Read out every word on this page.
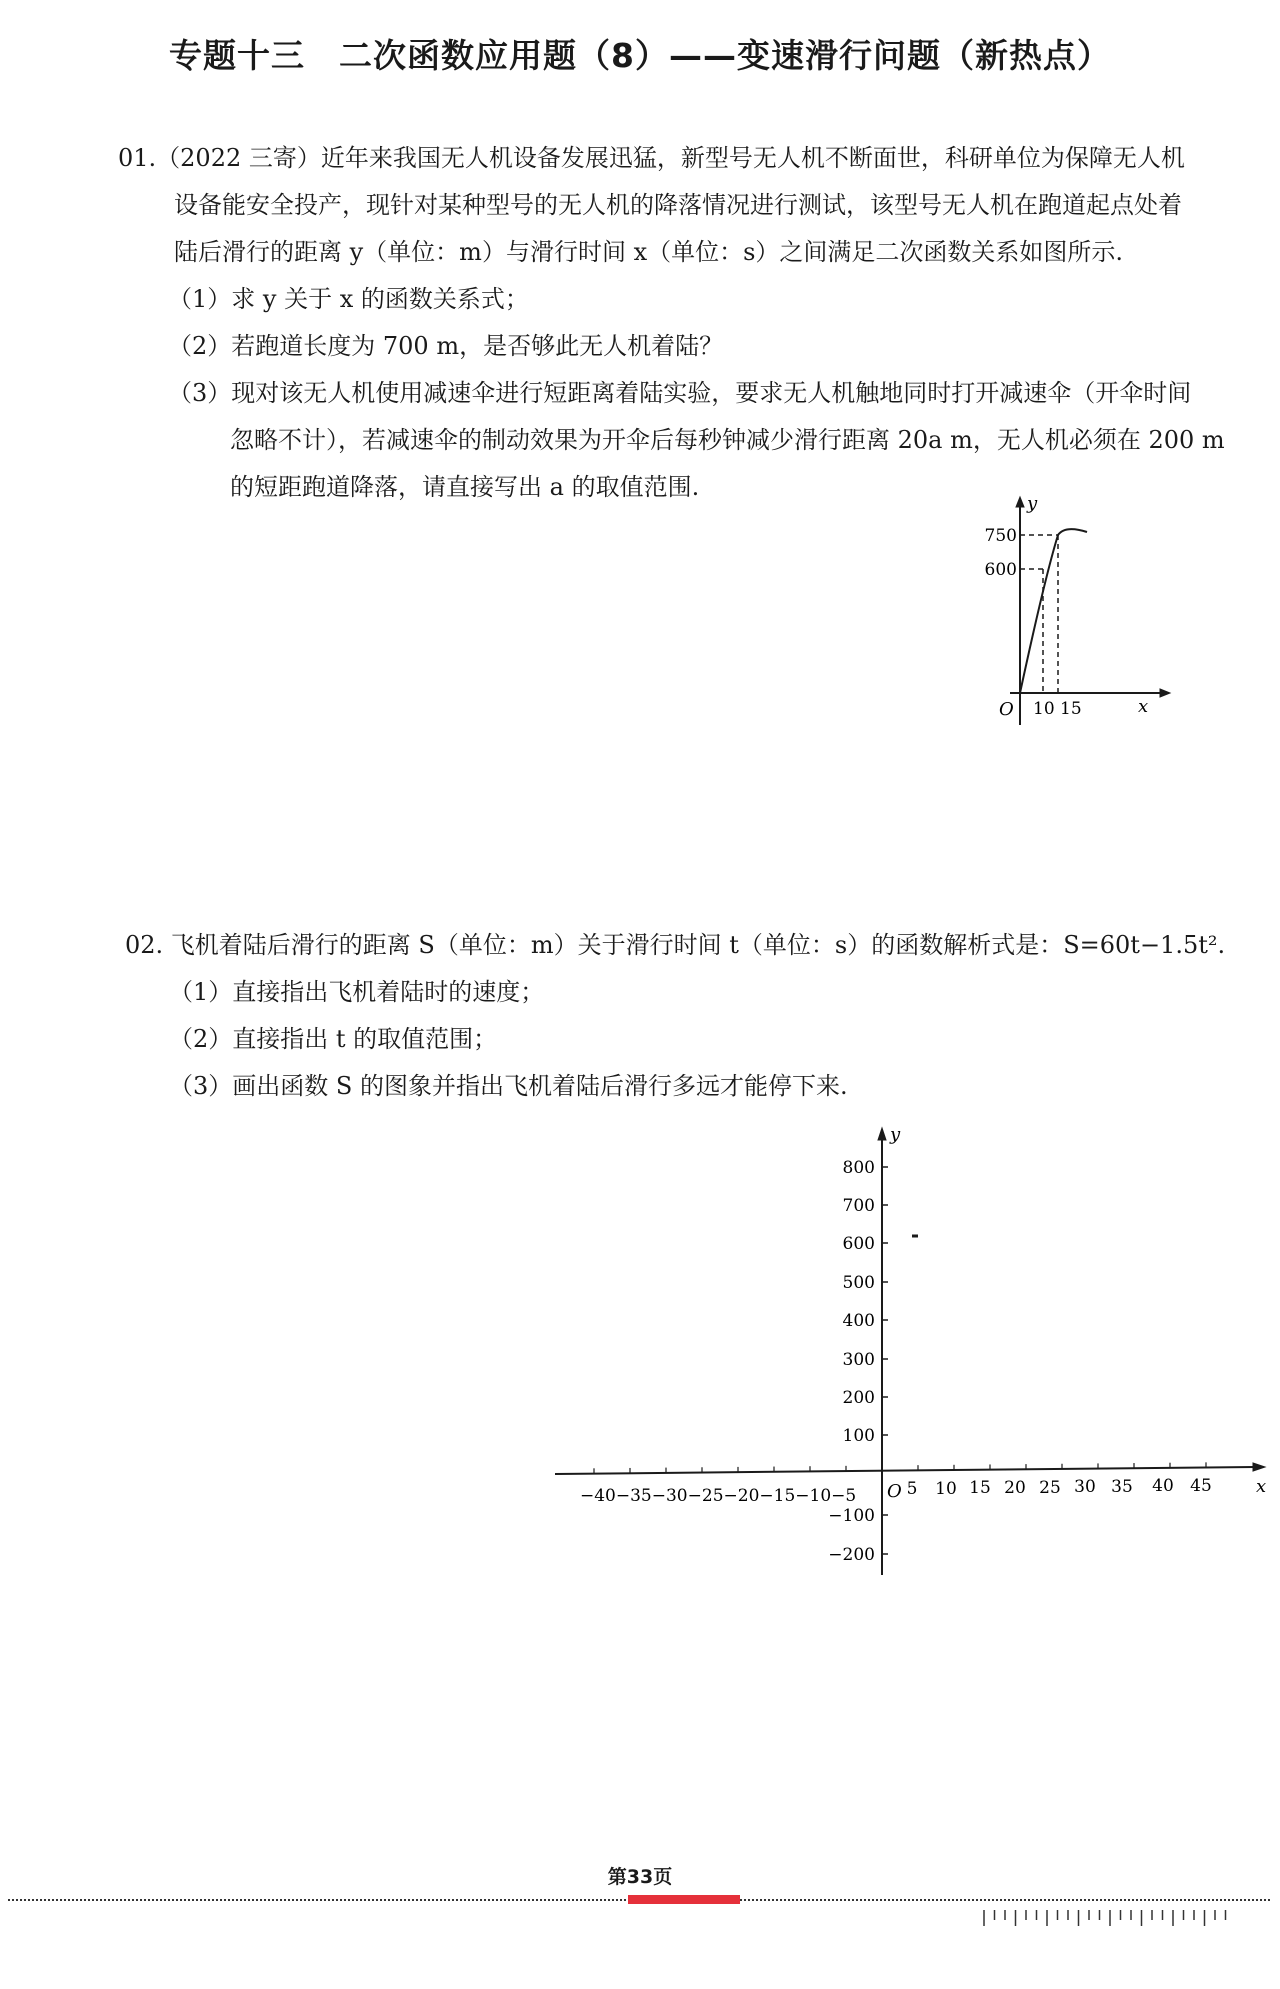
专题十三　二次函数应用题（8）——变速滑行问题（新热点）
01.（2022 三寄）近年来我国无人机设备发展迅猛，新型号无人机不断面世，科研单位为保障无人机
设备能安全投产，现针对某种型号的无人机的降落情况进行测试，该型号无人机在跑道起点处着
陆后滑行的距离 y（单位：m）与滑行时间 x（单位：s）之间满足二次函数关系如图所示.
（1）求 y 关于 x 的函数关系式；
（2）若跑道长度为 700 m，是否够此无人机着陆？
（3）现对该无人机使用减速伞进行短距离着陆实验，要求无人机触地同时打开减速伞（开伞时间
忽略不计），若减速伞的制动效果为开伞后每秒钟减少滑行距离 20a m，无人机必须在 200 m
的短距跑道降落，请直接写出 a 的取值范围.
y
750
600
O 10 15	x
02. 飞机着陆后滑行的距离 S（单位：m）关于滑行时间 t（单位：s）的函数解析式是：S=60t−1.5t².
（1）直接指出飞机着陆时的速度；
（2）直接指出 t 的取值范围；
（3）画出函数 S 的图象并指出飞机着陆后滑行多远才能停下来.
y
800
700
600
500
400
300
200
100
−100
−200
−40−35−30−25−20−15−10−5 O 5 10 15 20 25 30 35 40 45 x
第33页
